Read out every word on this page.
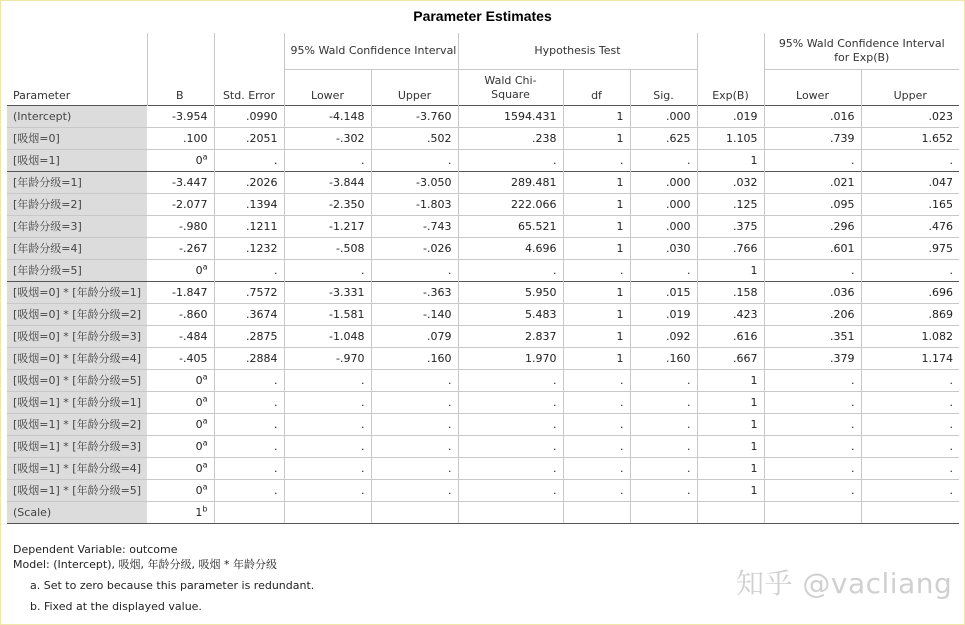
Parameter Estimates
Parameter	B	Std. Error	95% Wald Confidence Interval		Hypothesis Test			Exp(B)	95% Wald Confidence Interval for Exp(B)	
			Lower	Upper	Wald Chi-Square	df	Sig.		Lower	Upper
(Intercept)	-3.954	.0990	-4.148	-3.760	1594.431	1	.000	.019	.016	.023
[吸烟=0]	.100	.2051	-.302	.502	.238	1	.625	1.105	.739	1.652
[吸烟=1]	0$^a$	.	.	.	.	.	.	1	.	.
[年龄分级=1]	-3.447	.2026	-3.844	-3.050	289.481	1	.000	.032	.021	.047
[年龄分级=2]	-2.077	.1394	-2.350	-1.803	222.066	1	.000	.125	.095	.165
[年龄分级=3]	-.980	.1211	-1.217	-.743	65.521	1	.000	.375	.296	.476
[年龄分级=4]	-.267	.1232	-.508	-.026	4.696	1	.030	.766	.601	.975
[年龄分级=5]	0$^a$	.	.	.	.	.	.	1	.	.
[吸烟=0] * [年龄分级=1]	-1.847	.7572	-3.331	-.363	5.950	1	.015	.158	.036	.696
[吸烟=0] * [年龄分级=2]	-.860	.3674	-1.581	-.140	5.483	1	.019	.423	.206	.869
[吸烟=0] * [年龄分级=3]	-.484	.2875	-1.048	.079	2.837	1	.092	.616	.351	1.082
[吸烟=0] * [年龄分级=4]	-.405	.2884	-.970	.160	1.970	1	.160	.667	.379	1.174
[吸烟=0] * [年龄分级=5]	0$^a$	.	.	.	.	.	.	1	.	.
[吸烟=1] * [年龄分级=1]	0$^a$	.	.	.	.	.	.	1	.	.
[吸烟=1] * [年龄分级=2]	0$^a$	.	.	.	.	.	.	1	.	.
[吸烟=1] * [年龄分级=3]	0$^a$	.	.	.	.	.	.	1	.	.
[吸烟=1] * [年龄分级=4]	0$^a$	.	.	.	.	.	.	1	.	.
[吸烟=1] * [年龄分级=5]	0$^a$	.	.	.	.	.	.	1	.	.
(Scale)	1$^b$									
Dependent Variable: outcome
Model: (Intercept), 吸烟, 年龄分级, 吸烟 * 年龄分级
a. Set to zero because this parameter is redundant.
b. Fixed at the displayed value.
知乎 @vacliang
